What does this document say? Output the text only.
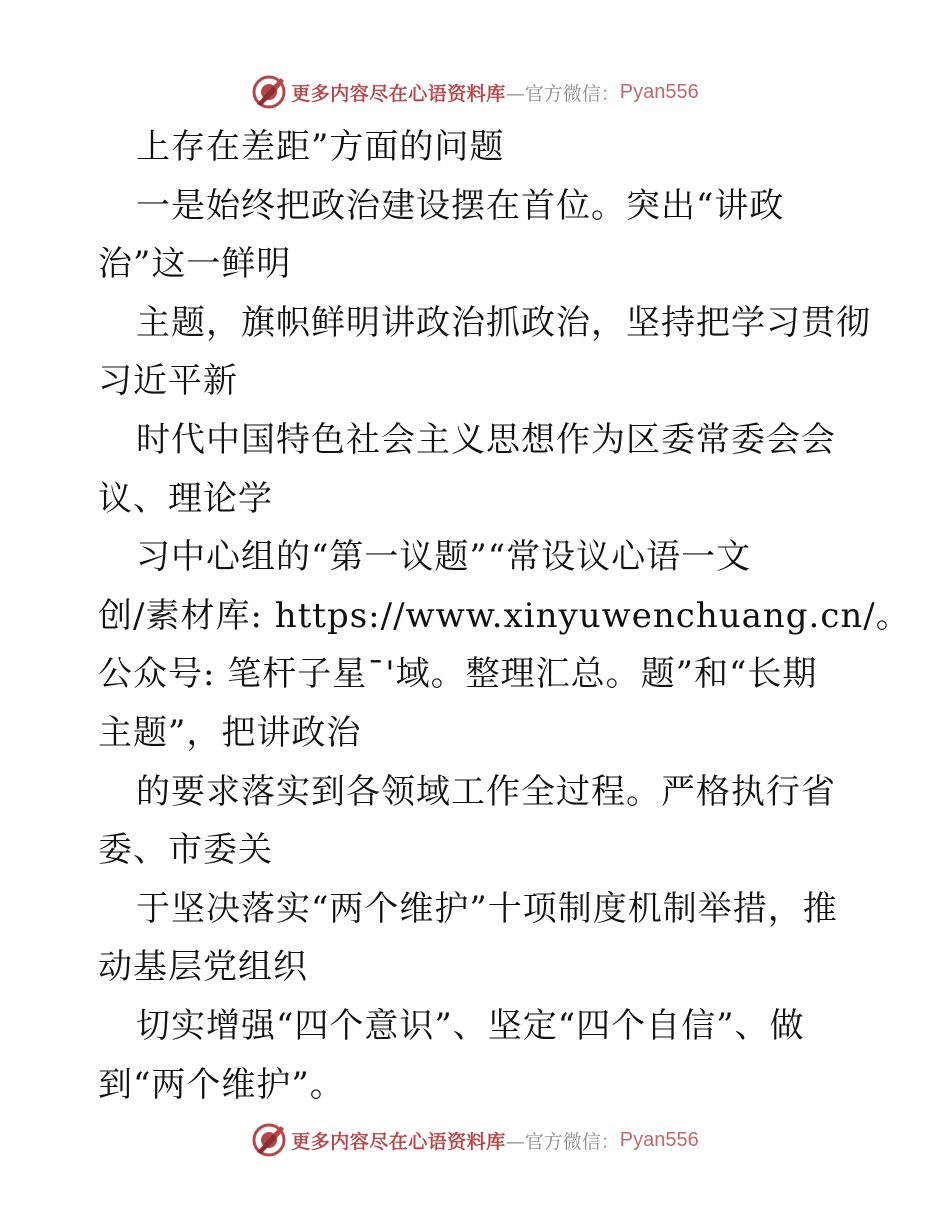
更多内容尽在心语资料库 —官方微信： Pyan556
上存在差距”方面的问题
一是始终把政治建设摆在首位。突出“讲政
治”这一鲜明
主题，旗帜鲜明讲政治抓政治，坚持把学习贯彻
习近平新
时代中国特色社会主义思想作为区委常委会会
议、理论学
习中心组的“第一议题”“常设议心语一文
创/素材库: https://www.xinyuwenchuang.cn/。
公众号: 笔杆子星¯'域。整理汇总。题”和“长期
主题”，把讲政治
的要求落实到各领域工作全过程。严格执行省
委、市委关
于坚决落实“两个维护”十项制度机制举措，推
动基层党组织
切实增强“四个意识”、坚定“四个自信”、做
到“两个维护”。
更多内容尽在心语资料库 —官方微信： Pyan556
